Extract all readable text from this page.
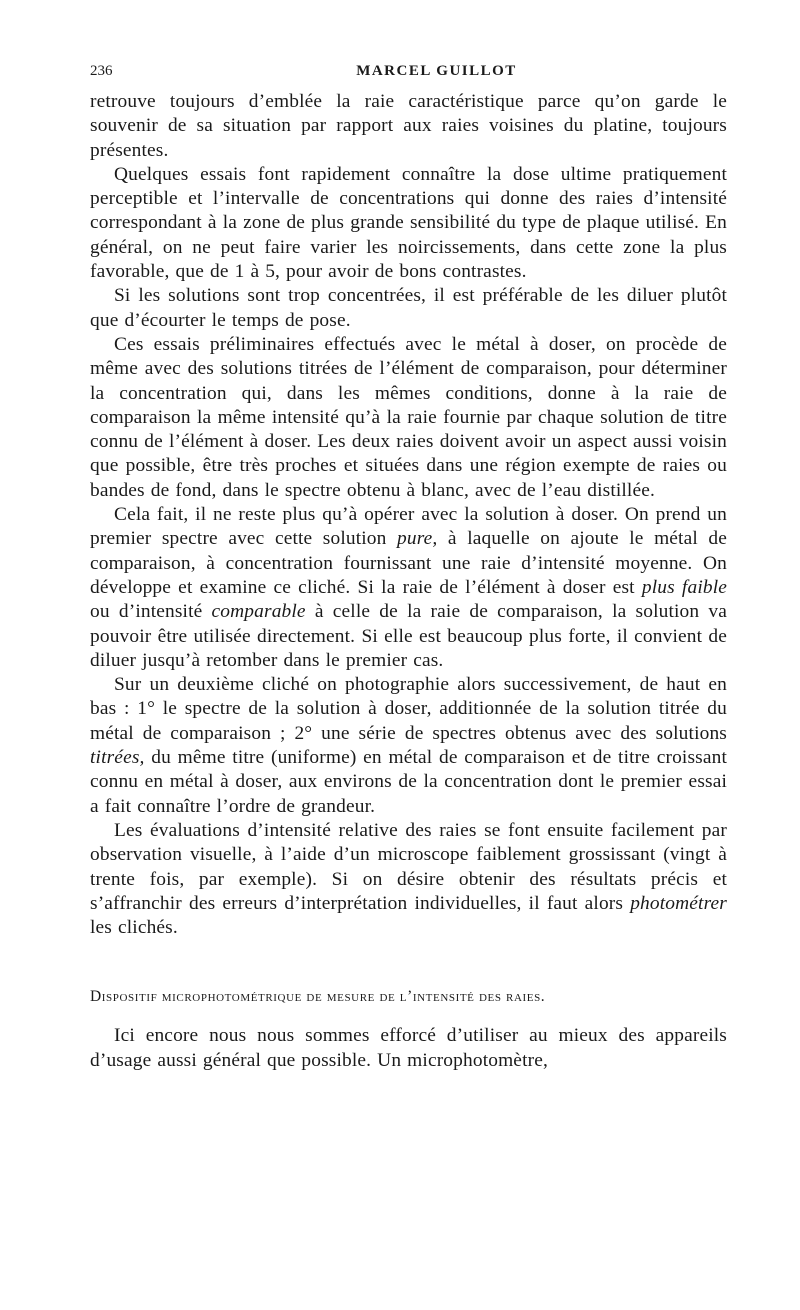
236	MARCEL GUILLOT

retrouve toujours d’emblée la raie caractéristique parce qu’on garde le souvenir de sa situation par rapport aux raies voisines du platine, toujours présentes.

Quelques essais font rapidement connaître la dose ultime pratiquement perceptible et l’intervalle de concentrations qui donne des raies d’intensité correspondant à la zone de plus grande sensibilité du type de plaque utilisé. En général, on ne peut faire varier les noircissements, dans cette zone la plus favorable, que de 1 à 5, pour avoir de bons contrastes.

Si les solutions sont trop concentrées, il est préférable de les diluer plutôt que d’écourter le temps de pose.

Ces essais préliminaires effectués avec le métal à doser, on procède de même avec des solutions titrées de l’élément de comparaison, pour déterminer la concentration qui, dans les mêmes conditions, donne à la raie de comparaison la même intensité qu’à la raie fournie par chaque solution de titre connu de l’élément à doser. Les deux raies doivent avoir un aspect aussi voisin que possible, être très proches et situées dans une région exempte de raies ou bandes de fond, dans le spectre obtenu à blanc, avec de l’eau distillée.

Cela fait, il ne reste plus qu’à opérer avec la solution à doser. On prend un premier spectre avec cette solution pure, à laquelle on ajoute le métal de comparaison, à concentration fournissant une raie d’intensité moyenne. On développe et examine ce cliché. Si la raie de l’élément à doser est plus faible ou d’intensité comparable à celle de la raie de comparaison, la solution va pouvoir être utilisée directement. Si elle est beaucoup plus forte, il convient de diluer jusqu’à retomber dans le premier cas.

Sur un deuxième cliché on photographie alors successivement, de haut en bas : 1° le spectre de la solution à doser, additionnée de la solution titrée du métal de comparaison ; 2° une série de spectres obtenus avec des solutions titrées, du même titre (uniforme) en métal de comparaison et de titre croissant connu en métal à doser, aux environs de la concentration dont le premier essai a fait connaître l’ordre de grandeur.

Les évaluations d’intensité relative des raies se font ensuite facilement par observation visuelle, à l’aide d’un microscope faiblement grossissant (vingt à trente fois, par exemple). Si on désire obtenir des résultats précis et s’affranchir des erreurs d’interprétation individuelles, il faut alors photométrer les clichés.

Dispositif microphotométrique de mesure de l’intensité des raies.

Ici encore nous nous sommes efforcé d’utiliser au mieux des appareils d’usage aussi général que possible. Un microphotomètre,
